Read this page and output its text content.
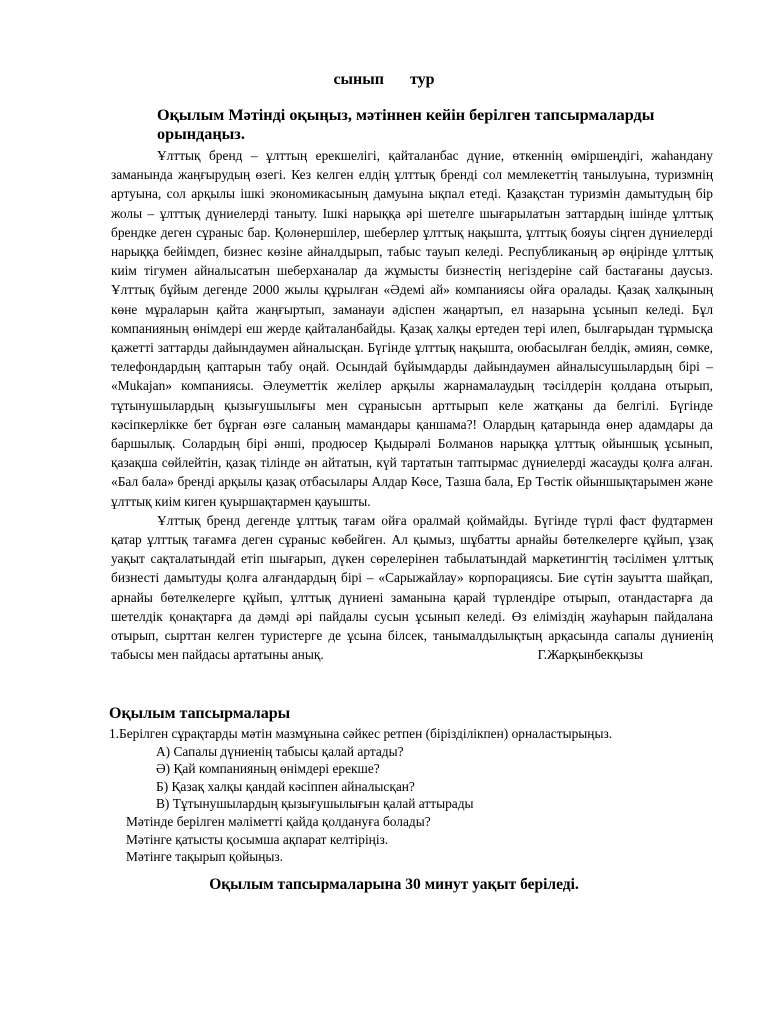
сынып тур
Оқылым Мәтінді оқыңыз, мәтіннен кейін берілген тапсырмаларды орындаңыз.

Ұлттық бренд – ұлттың ерекшелігі, қайталанбас дүние, өткеннің өміршеңдігі, жаһандану заманында жаңғырудың өзегі. Кез келген елдің ұлттық брендi сол мемлекеттің танылуына, туризмнің артуына, сол арқылы ішкі экономикасының дамуына ықпал етеді. Қазақстан туризмін дамытудың бір жолы – ұлттық дүниелерді таныту. Ішкі нарыққа әрі шетелге шығарылатын заттардың ішінде ұлттық брендке деген сұраныс бар. Қолөнершілер, шеберлер ұлттық нақышта, ұлттық бояуы сіңген дүниелерді нарыққа бейімдеп, бизнес көзіне айналдырып, табыс тауып келеді. Республиканың әр өңірінде ұлттық киім тігумен айналысатын шеберханалар да жұмысты бизнестің негіздеріне сай бастағаны даусыз. Ұлттық бұйым дегенде 2000 жылы құрылған «Әдемі ай» компаниясы ойға оралады. Қазақ халқының көне мұраларын қайта жаңғыртып, заманауи әдіспен жаңартып, ел назарына ұсынып келеді. Бұл компанияның өнімдері еш жерде қайталанбайды. Қазақ халқы ертеден тері илеп, былғарыдан тұрмысқа қажетті заттарды дайындаумен айналысқан. Бүгінде ұлттық нақышта, оюбасылған белдік, әмиян, сөмке, телефондардың қаптарын табу оңай. Осындай бұйымдарды дайындаумен айналысушылардың бірі – «Mukajan» компаниясы. Әлеуметтік желілер арқылы жарнамалаудың тәсілдерін қолдана отырып, тұтынушылардың қызығушылығы мен сұранысын арттырып келе жатқаны да белгілі. Бүгінде кәсіпкерлікке бет бұрған өзге саланың мамандары қаншама?! Олардың қатарында өнер адамдары да баршылық. Солардың бірі әнші, продюсер Қыдырәлі Болманов нарыққа ұлттық ойыншық ұсынып, қазақша сөйлейтін, қазақ тілінде ән айтатын, күй тартатын таптырмас дүниелерді жасауды қолға алған. «Бал бала» брендi арқылы қазақ отбасылары Алдар Көсе, Тазша бала, Ер Төстік ойыншықтарымен және ұлттық киім киген қуыршақтармен қауышты.

Ұлттық бренд дегенде ұлттық тағам ойға оралмай қоймайды. Бүгінде түрлі фаст фудтармен қатар ұлттық тағамға деген сұраныс көбейген. Ал қымыз, шұбатты арнайы бөтелкелерге құйып, ұзақ уақыт сақталатындай етіп шығарып, дүкен сөрелерінен табылатындай маркетингтің тәсілімен ұлттық бизнесті дамытуды қолға алғандардың бірі – «Сарыжайлау» корпорациясы. Бие сүтін зауытта шайқап, арнайы бөтелкелерге құйып, ұлттық дүниені заманына қарай түрлендіре отырып, отандастарға да шетелдік қонақтарға да дәмді әрі пайдалы сусын ұсынып келеді. Өз еліміздің жауһарын пайдалана отырып, сырттан келген туристерге де ұсына білсек, танымалдылықтың арқасында сапалы дүниенің табысы мен пайдасы артатыны анық.	Г.Жарқынбекқызы

Оқылым тапсырмалары

1.Берілген сұрақтарды мәтін мазмұнына сәйкес ретпен (бірізділікпен) орналастырыңыз.

А) Сапалы дүниенің табысы қалай артады?

Ә) Қай компанияның өнімдері ерекше?

Б) Қазақ халқы қандай кәсіппен айналысқан?

В) Тұтынушылардың қызығушылығын қалай аттырады

Мәтінде берілген мәліметті қайда қолдануға болады?

Мәтінге қатысты қосымша ақпарат келтіріңіз.

Мәтінге тақырып қойыңыз.

Оқылым тапсырмаларына 30 минут уақыт беріледі.
